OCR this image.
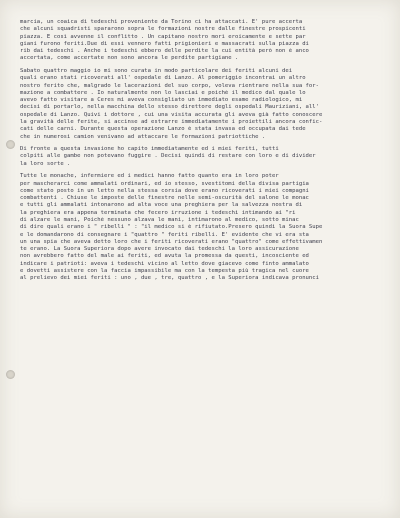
marcia, un coaica di tedeschi proveniente da Torino ci ha attaccati. E' pure accerta
che alcuni squadristi spararono sopra le formazioni nostre dalle finestre prospicenti
piazza. E così avvenne il conflitto . Un capitano nostro morì eroicamente e sette par
giani furono feriti.Due di essi vennero fatti prigionieri e massacrati sulla piazza di
rib dai tedeschi . Anche i tedeschi ebbero delle perdite la cui entità però non è anco
accertata, come accertate non sono ancora le perdite partigiane .
Sabato quattro maggio io mi sono curata in modo particolare dei feriti alcuni dei
quali erano stati ricoverati all' ospedale di Lanzo. Al pomeriggio incontrai un altro
nostro ferito che, malgrado le lacerazioni del suo corpo, voleva rientrare nella sua for-
mazione a combattere . Io naturalmente non lo lasciai e poichè il medico dal quale lo
avevo fatto visitare a Ceres mi aveva consigliato un immediato esame radiologico, mi
decisi di portarlo, nella macchina dello stesso direttore degli ospedali Mauriziani, all'
ospedale di Lanzo. Quivi i dottore , cui una visita accurata gli aveva già fatto conoscere
la gravità delle ferite, si accinse ad estrarre immediatamente i proiettili ancora confic-
cati delle carni. Durante questa operazione Lanzo è stata invasa ed occupata dai tede
che in numerosi camion venivano ad attaccare le formazioni patriottiche .
Di fronte a questa invasione ho capito immediatamente ed i miei feriti, tutti
colpiti alle gambe non potevano fuggire . Decisi quindi di restare con loro e di divider
la loro sorte .
Tutte le monache, infermiere ed i medici hanno fatto quanto era in loro poter
per mascherarci come ammalati ordinari, ed io stesso, svestitomi della divisa partigia
come stato posto in un letto nella stessa corsia dove erano ricoverati i miei compagni
combattenti . Chiuse le imposte delle finestre nelle semi-oscurità del salone le monac
e tutti gli ammalati intonarono ad alta voce una preghiera per la salvezza nostra di
la preghiera era appena terminata che fecero irruzione i tedeschi intimando ai "ri
di alzare le mani, Poichè nessuno alzava le mani, intimarono al medico, sotto minac
di dire quali erano i " ribelli " : "il medico si è rifiutato.Presero quindi la Suora Supe
e le domandarono di consegnare i "quattro " feriti ribelli. E' evidente che vi era sta
un una spia che aveva detto loro che i feriti ricoverati erano "quattro" come effettivamen
te erano. La Suora Superiora dopo avere invocato dai tedeschi la loro assicurazione
non avrebbero fatto del male ai feriti, ed avuta la promessa da questi, incosciente ed
indicare i patrioti: aveva i tedeschi vicino al letto dove giacevo come finto ammalato
e dovetti assistere con la faccia impassibile ma con la tempesta più tragica nel cuore
al prelievo dei miei feriti : uno , due , tre, quattro , e la Superiora indicava pronunci
